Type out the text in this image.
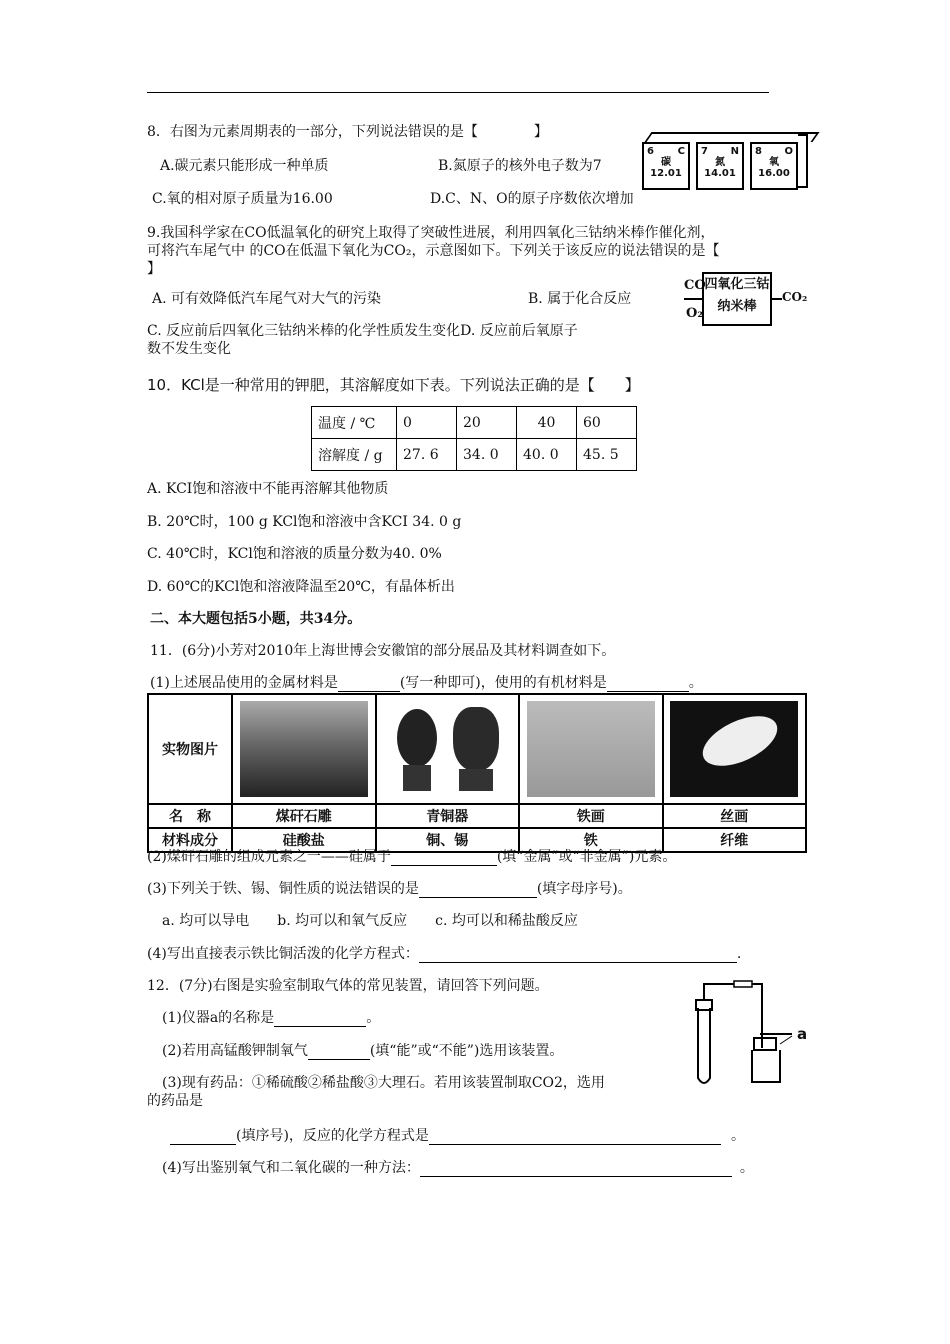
8．右图为元素周期表的一部分，下列说法错误的是【　　　　】
A.碳元素只能形成一种单质	B.氮原子的核外电子数为7
C.氧的相对原子质量为16.00	D.C、N、O的原子序数依次增加
6 C
碳
12.01
7 N
氮
14.01
8 O
氧
16.00
9.我国科学家在CO低温氧化的研究上取得了突破性进展，利用四氧化三钴纳米棒作催化剂，
可将汽车尾气中 的CO在低温下氧化为CO₂，示意图如下。下列关于该反应的说法错误的是【
】
A. 可有效降低汽车尾气对大气的污染	B. 属于化合反应
C. 反应前后四氧化三钴纳米棒的化学性质发生变化D. 反应前后氧原子
数不发生变化
CO
O₂
四氧化三钴
纳米棒
CO₂
10．KCl是一种常用的钾肥，其溶解度如下表。下列说法正确的是【　　】
温度 / ℃	0	20	40	60
溶解度 / g	27. 6	34. 0	40. 0	45. 5
A. KCI饱和溶液中不能再溶解其他物质
B. 20℃时，100 g KCl饱和溶液中含KCI 34. 0 g
C. 40℃时，KCl饱和溶液的质量分数为40. 0%
D. 60℃的KCl饱和溶液降温至20℃，有晶体析出
二、本大题包括5小题，共34分。
11．(6分)小芳对2010年上海世博会安徽馆的部分展品及其材料调查如下。
(1)上述展品使用的金属材料是	(写一种即可)，使用的有机材料是	。
实物图片	

名　称	煤矸石雕	青铜器	铁画	丝画
材料成分	硅酸盐	铜、锡	铁	纤维
(2)煤矸石雕的组成元素之一——硅属于	(填“金属”或“非金属”)元素。
(3)下列关于铁、锡、铜性质的说法错误的是	(填字母序号)。
a. 均可以导电　　b. 均可以和氧气反应　　c. 均可以和稀盐酸反应
(4)写出直接表示铁比铜活泼的化学方程式：	.
12．(7分)右图是实验室制取气体的常见装置，请回答下列问题。
(1)仪器a的名称是	。
(2)若用高锰酸钾制氧气	(填“能”或“不能”)选用该装置。
(3)现有药品：①稀硫酸②稀盐酸③大理石。若用该装置制取CO2，选用
的药品是
(填序号)，反应的化学方程式是	。
(4)写出鉴别氧气和二氧化碳的一种方法：	。
a
